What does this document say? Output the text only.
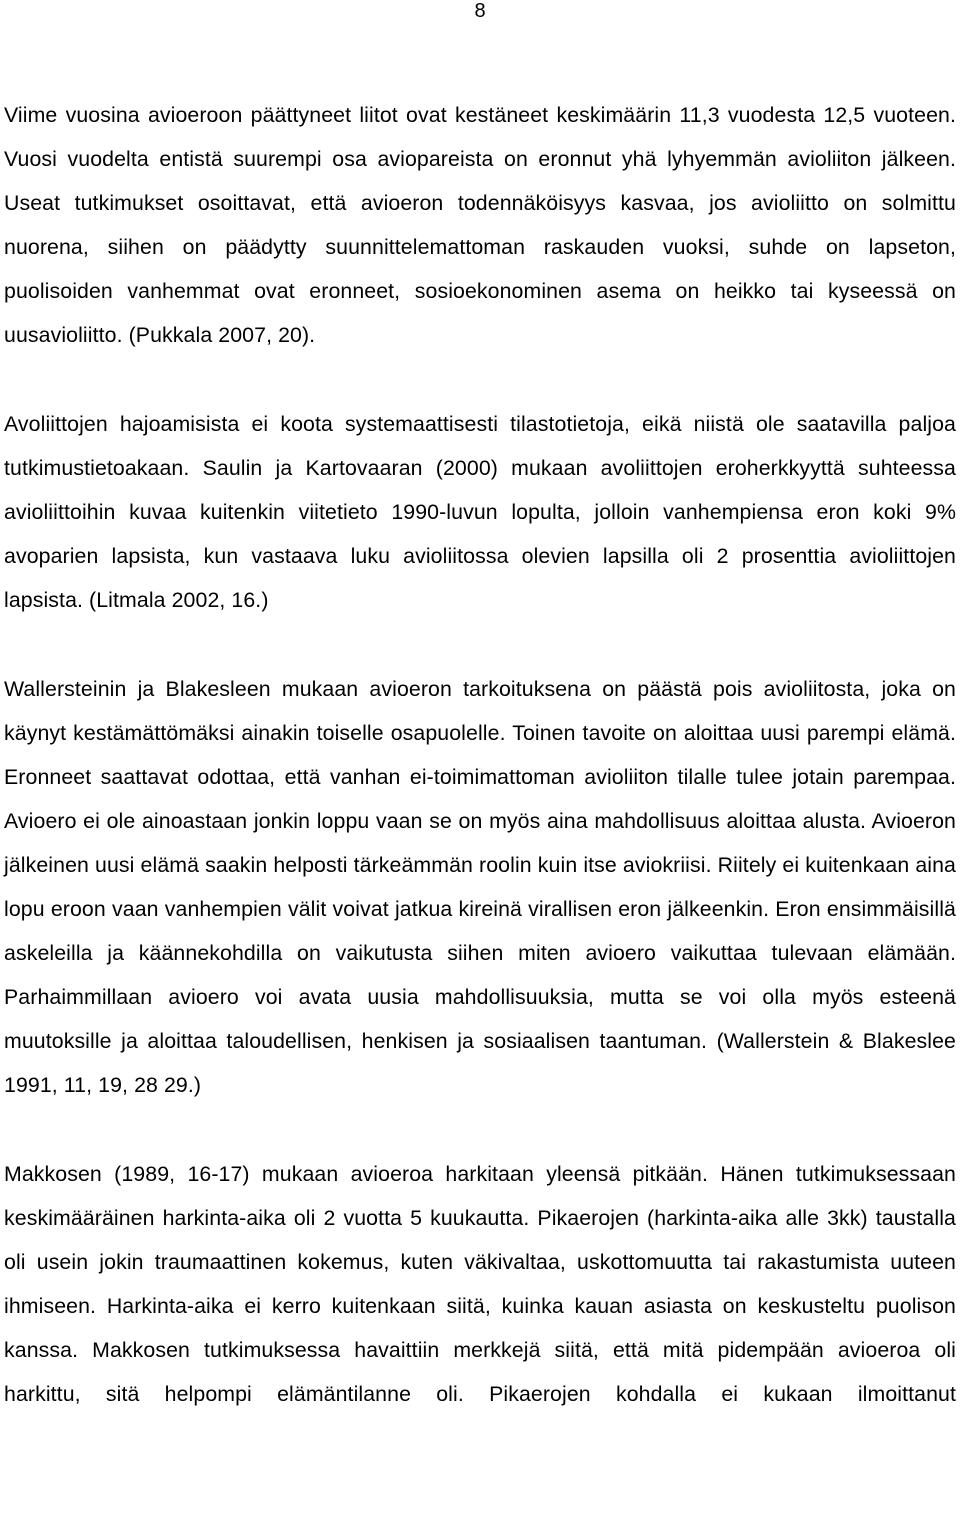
8

Viime vuosina avioeroon päättyneet liitot ovat kestäneet keskimäärin 11,3 vuodesta 12,5 vuoteen. Vuosi vuodelta entistä suurempi osa aviopareista on eronnut yhä lyhyemmän avioliiton jälkeen. Useat tutkimukset osoittavat, että avioeron todennäköisyys kasvaa, jos avioliitto on solmittu nuorena, siihen on päädytty suunnittelemattoman raskauden vuoksi, suhde on lapseton, puolisoiden vanhemmat ovat eronneet, sosioekonominen asema on heikko tai kyseessä on uusavioliitto. (Pukkala 2007, 20).

Avoliittojen hajoamisista ei koota systemaattisesti tilastotietoja, eikä niistä ole saatavilla paljoa tutkimustietoakaan. Saulin ja Kartovaaran (2000) mukaan avoliittojen eroherkkyyttä suhteessa avioliittoihin kuvaa kuitenkin viitetieto 1990-luvun lopulta, jolloin vanhempiensa eron koki 9% avoparien lapsista, kun vastaava luku avioliitossa olevien lapsilla oli 2 prosenttia avioliittojen lapsista. (Litmala 2002, 16.)

Wallersteinin ja Blakesleen mukaan avioeron tarkoituksena on päästä pois avioliitosta, joka on käynyt kestämättömäksi ainakin toiselle osapuolelle. Toinen tavoite on aloittaa uusi parempi elämä. Eronneet saattavat odottaa, että vanhan ei-toimimattoman avioliiton tilalle tulee jotain parempaa. Avioero ei ole ainoastaan jonkin loppu vaan se on myös aina mahdollisuus aloittaa alusta. Avioeron jälkeinen uusi elämä saakin helposti tärkeämmän roolin kuin itse aviokriisi. Riitely ei kuitenkaan aina lopu eroon vaan vanhempien välit voivat jatkua kireinä virallisen eron jälkeenkin. Eron ensimmäisillä askeleilla ja käännekohdilla on vaikutusta siihen miten avioero vaikuttaa tulevaan elämään. Parhaimmillaan avioero voi avata uusia mahdollisuuksia, mutta se voi olla myös esteenä muutoksille ja aloittaa taloudellisen, henkisen ja sosiaalisen taantuman. (Wallerstein & Blakeslee 1991, 11, 19, 28 29.)

Makkosen (1989, 16-17) mukaan avioeroa harkitaan yleensä pitkään. Hänen tutkimuksessaan keskimääräinen harkinta-aika oli 2 vuotta 5 kuukautta. Pikaerojen (harkinta-aika alle 3kk) taustalla oli usein jokin traumaattinen kokemus, kuten väkivaltaa, uskottomuutta tai rakastumista uuteen ihmiseen. Harkinta-aika ei kerro kuitenkaan siitä, kuinka kauan asiasta on keskusteltu puolison kanssa. Makkosen tutkimuksessa havaittiin merkkejä siitä, että mitä pidempään avioeroa oli harkittu, sitä helpompi elämäntilanne oli. Pikaerojen kohdalla ei kukaan ilmoittanut
